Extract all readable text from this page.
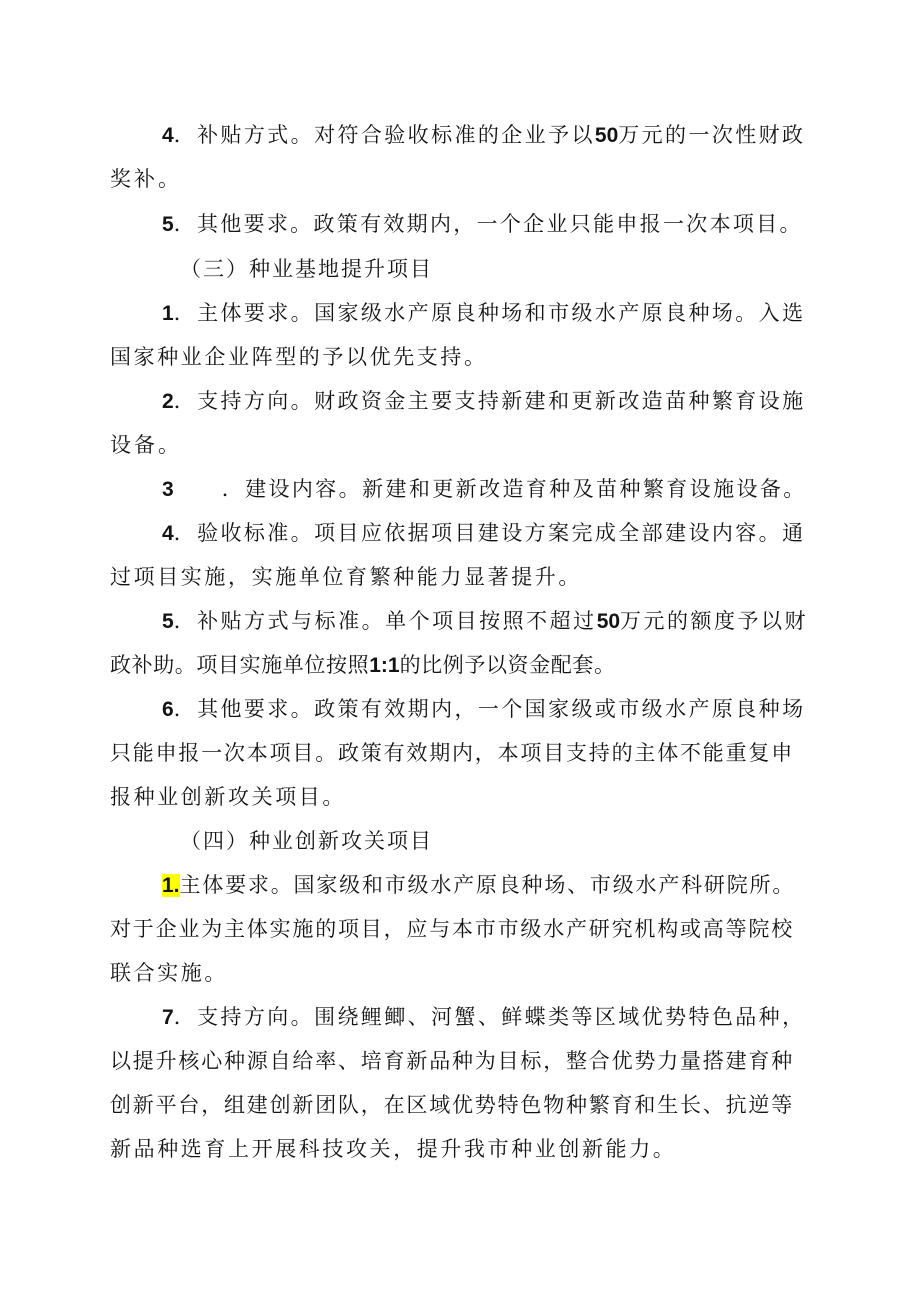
4．补贴方式。对符合验收标准的企业予以50万元的一次性财政
奖补。
5．其他要求。政策有效期内，一个企业只能申报一次本项目。
（三）种业基地提升项目
1．主体要求。国家级水产原良种场和市级水产原良种场。入选
国家种业企业阵型的予以优先支持。
2．支持方向。财政资金主要支持新建和更新改造苗种繁育设施
设备。
3 ．建设内容。新建和更新改造育种及苗种繁育设施设备。
4．验收标准。项目应依据项目建设方案完成全部建设内容。通
过项目实施，实施单位育繁种能力显著提升。
5．补贴方式与标准。单个项目按照不超过50万元的额度予以财
政补助。项目实施单位按照1:1的比例予以资金配套。
6．其他要求。政策有效期内，一个国家级或市级水产原良种场
只能申报一次本项目。政策有效期内，本项目支持的主体不能重复申
报种业创新攻关项目。
（四）种业创新攻关项目
1.主体要求。国家级和市级水产原良种场、市级水产科研院所。
对于企业为主体实施的项目，应与本市市级水产研究机构或高等院校
联合实施。
7．支持方向。围绕鲤鲫、河蟹、鲜蝶类等区域优势特色品种，
以提升核心种源自给率、培育新品种为目标，整合优势力量搭建育种
创新平台，组建创新团队，在区域优势特色物种繁育和生长、抗逆等
新品种选育上开展科技攻关，提升我市种业创新能力。
